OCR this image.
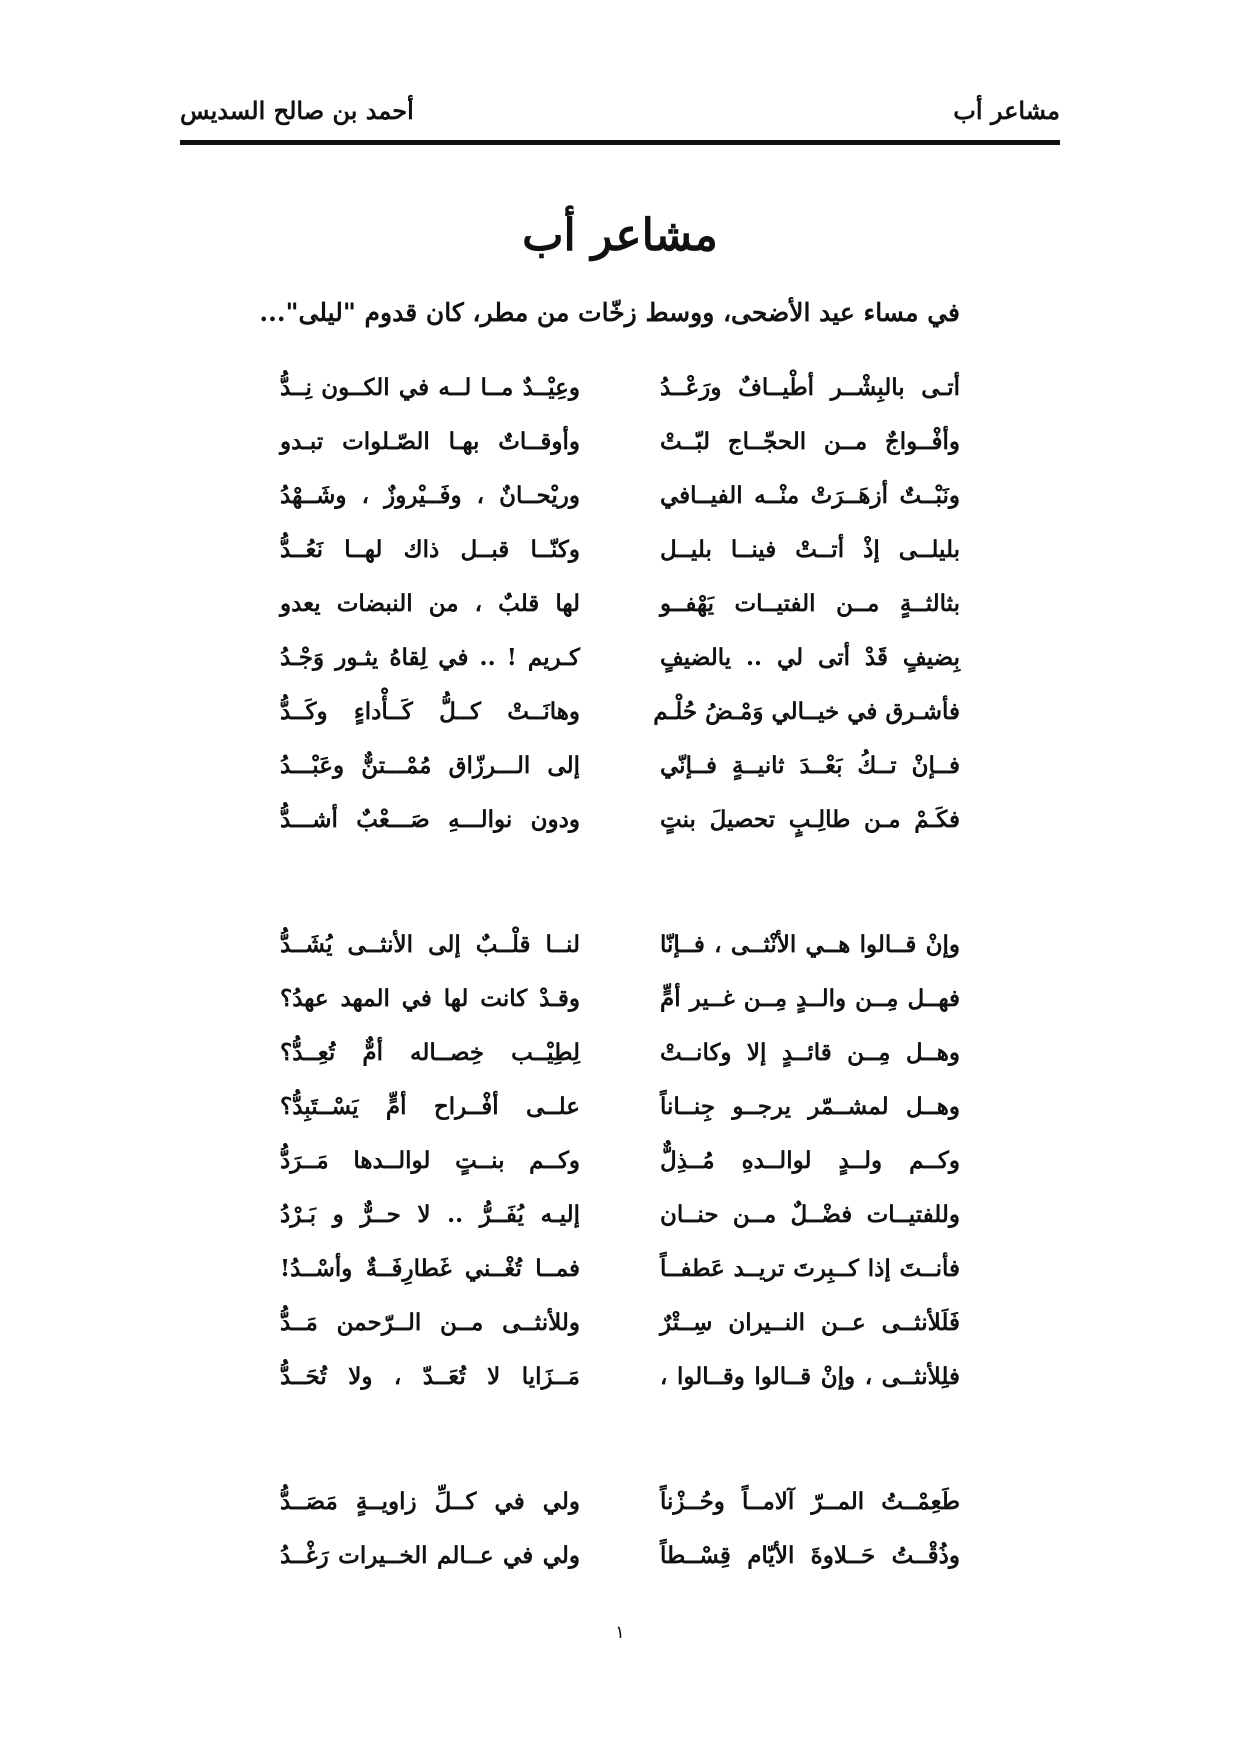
مشاعر أب
أحمد بن صالح السديس
مشاعر أب
في مساء عيد الأضحى، ووسط زخّات من مطر، كان قدوم "ليلى"...
أتـى بالبِشْــر أطْيــافٌ ورَعْــدُ
وعِيْــدٌ مــا لــه في الكــون نِــدُّ
وأفْــواجٌ مــن الحجّــاج لبّــتْ
وأوقــاتٌ بهـا الصّـلوات تبـدو
ونَبْــتٌ أزهَــرَتْ منْــه الفيــافي
وريْحــانٌ ، وفَــيْروزٌ ، وشَــهْدُ
بليلــى إذْ أتــتْ فينــا بليــل
وكنّــا قبــل ذاك لهــا نَعُــدُّ
بثالثــةٍ مــن الفتيــات يَهْفــو
لها قلبٌ ، من النبضات يعدو
بِضيفٍ قَدْ أتى لي .. يالضيفٍ
كـريم ! .. في لِقاهُ يثـور وَجْـدُ
فأشـرق في خيــالي وَمْـضُ حُلْـم
وهانَــتْ كــلُّ كَــأْداءٍ وكَــدُّ
فــإنْ تــكُ بَعْــدَ ثانيــةٍ فــإنّي
إلى الـــرزّاق مُمْـــتنٌّ وعَبْـــدُ
فكَـمْ مـن طالِـبٍ تحصيلَ بنتٍ
ودون نوالـــهِ صَـــعْبٌ أشـــدُّ
وإنْ قــالوا هــي الأنْثــى ، فــإنّا
لنــا قلْــبٌ إلى الأنثــى يُشَــدُّ
فهــل مِــن والــدٍ مِــن غــير أمٍّ
وقـدْ كانت لها في المهد عهدُ؟
وهــل مِــن قائــدٍ إلا وكانــتْ
لِطِيْــب خِصــاله أمٌّ تُعِــدُّ؟
وهــل لمشــمّر يرجــو جِنــاناً
علــى أفْــراح أمٍّ يَسْــتَبِدُّ؟
وكــم ولــدٍ لوالــدهِ مُــذِلٌّ
وكــم بنــتٍ لوالــدها مَــرَدُّ
وللفتيــات فضْــلٌ مــن حنــان
إليـه يُفَــرُّ .. لا حــرٌّ و بَـرْدُ
فأنــتَ إذا كــبِرتَ تريــد عَطفــاً
فمــا تُغْــني غَطارِفَــةٌ وأسْــدُ!
فَلَلأنثــى عــن النــيران سِــتْرٌ
وللأنثــى مــن الــرّحمن مَــدُّ
فلِلأنثــى ، وإنْ قــالوا وقــالوا ،
مَــزَايا لا تُعَــدّ ، ولا تُحَــدُّ
طَعِمْــتُ المــرّ آلامــاً وحُــزْناً
ولي في كــلِّ زاويــةٍ مَصَــدُّ
وذُقْــتُ حَــلاوةَ الأيّام قِسْــطاً
ولي في عــالم الخــيرات رَغْــدُ
١
